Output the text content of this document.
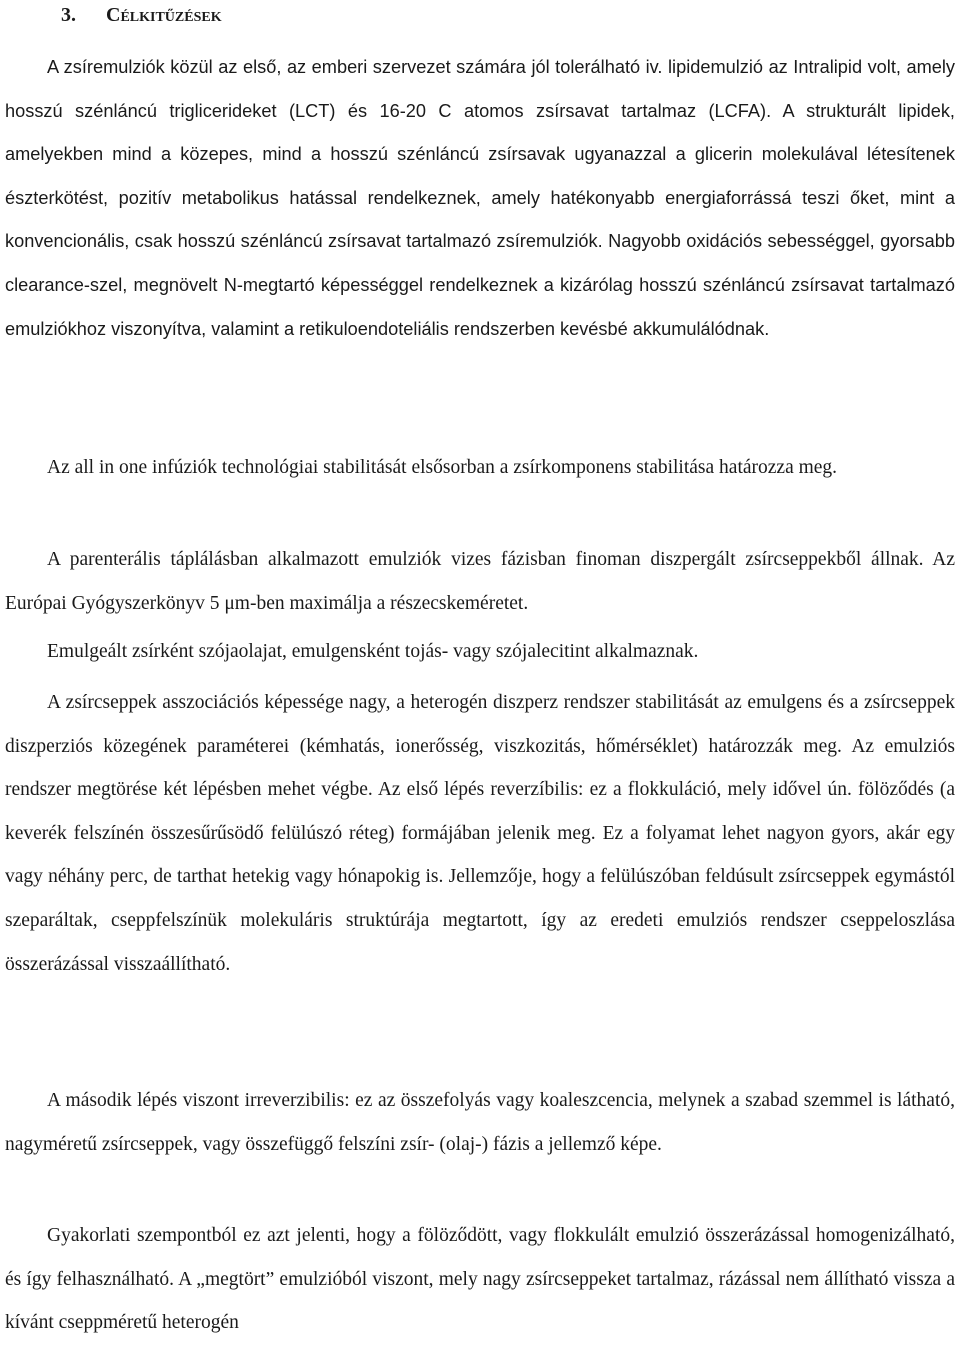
3. Célkitűzések

A zsíremulziók közül az első, az emberi szervezet számára jól tolerálható iv. lipidemulzió az Intralipid volt, amely hosszú szénláncú triglicerideket (LCT) és 16-20 C atomos zsírsavat tartalmaz (LCFA). A strukturált lipidek, amelyekben mind a közepes, mind a hosszú szénláncú zsírsavak ugyanazzal a glicerin molekulával létesítenek észterkötést, pozitív metabolikus hatással rendelkeznek, amely hatékonyabb energiaforrássá teszi őket, mint a konvencionális, csak hosszú szénláncú zsírsavat tartalmazó zsíremulziók. Nagyobb oxidációs sebességgel, gyorsabb clearance-szel, megnövelt N-megtartó képességgel rendelkeznek a kizárólag hosszú szénláncú zsírsavat tartalmazó emulziókhoz viszonyítva, valamint a retikuloendoteliális rendszerben kevésbé akkumulálódnak.

Az all in one infúziók technológiai stabilitását elsősorban a zsírkomponens stabilitása határozza meg.

A parenterális táplálásban alkalmazott emulziók vizes fázisban finoman diszpergált zsírcseppekből állnak. Az Európai Gyógyszerkönyv 5 μm-ben maximálja a részecskeméretet.

Emulgeált zsírként szójaolajat, emulgensként tojás- vagy szójalecitint alkalmaznak.

A zsírcseppek asszociációs képessége nagy, a heterogén diszperz rendszer stabilitását az emulgens és a zsírcseppek diszperziós közegének paraméterei (kémhatás, ionerősség, viszkozitás, hőmérséklet) határozzák meg. Az emulziós rendszer megtörése két lépésben mehet végbe. Az első lépés reverzíbilis: ez a flokkuláció, mely idővel ún. fölöződés (a keverék felszínén összesűrűsödő felülúszó réteg) formájában jelenik meg. Ez a folyamat lehet nagyon gyors, akár egy vagy néhány perc, de tarthat hetekig vagy hónapokig is. Jellemzője, hogy a felülúszóban feldúsult zsírcseppek egymástól szeparáltak, cseppfelszínük molekuláris struktúrája megtartott, így az eredeti emulziós rendszer cseppeloszlása összerázással visszaállítható.

A második lépés viszont irreverzibilis: ez az összefolyás vagy koaleszcencia, melynek a szabad szemmel is látható, nagyméretű zsírcseppek, vagy összefüggő felszíni zsír- (olaj-) fázis a jellemző képe.

Gyakorlati szempontból ez azt jelenti, hogy a fölöződött, vagy flokkulált emulzió összerázással homogenizálható, és így felhasználható. A „megtört” emulzióból viszont, mely nagy zsírcseppeket tartalmaz, rázással nem állítható vissza a kívánt cseppméretű heterogén
